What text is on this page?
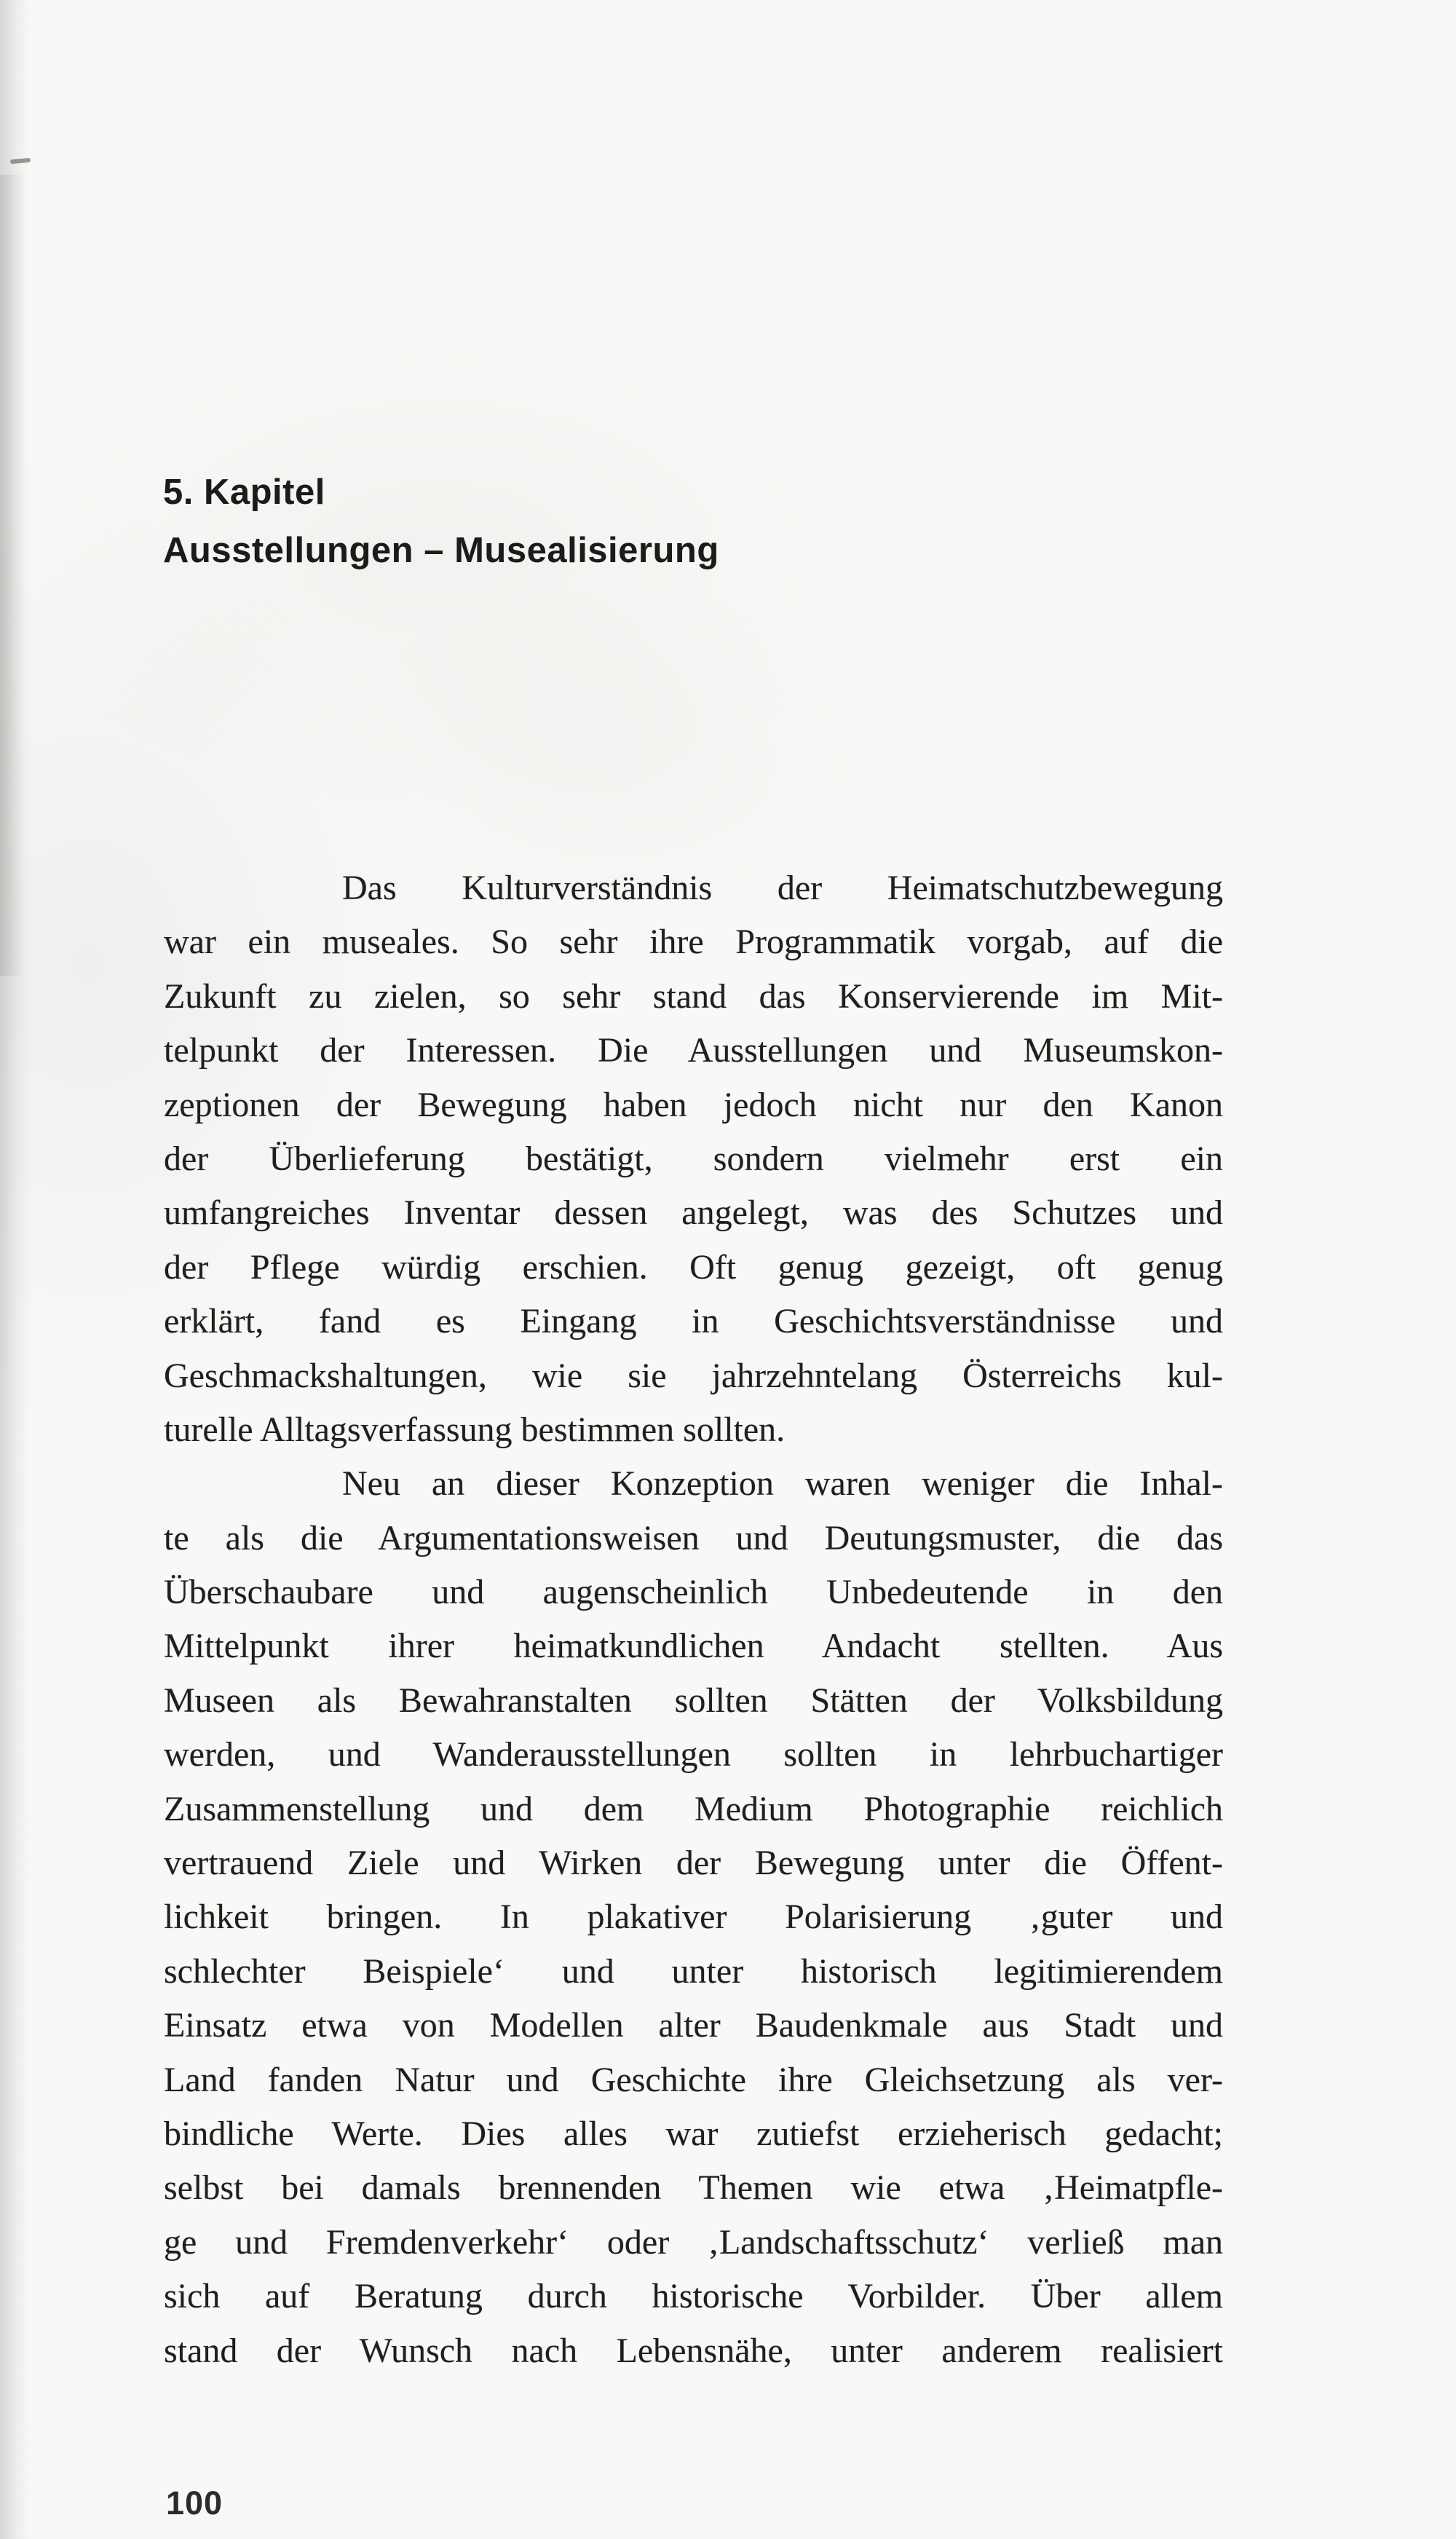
5. Kapitel
Ausstellungen – Musealisierung
Das Kulturverständnis der Heimatschutzbewegung
war ein museales. So sehr ihre Programmatik vorgab, auf die
Zukunft zu zielen, so sehr stand das Konservierende im Mit-
telpunkt der Interessen. Die Ausstellungen und Museumskon-
zeptionen der Bewegung haben jedoch nicht nur den Kanon
der Überlieferung bestätigt, sondern vielmehr erst ein
umfangreiches Inventar dessen angelegt, was des Schutzes und
der Pflege würdig erschien. Oft genug gezeigt, oft genug
erklärt, fand es Eingang in Geschichtsverständnisse und
Geschmackshaltungen, wie sie jahrzehntelang Österreichs kul-
turelle Alltagsverfassung bestimmen sollten.
Neu an dieser Konzeption waren weniger die Inhal-
te als die Argumentationsweisen und Deutungsmuster, die das
Überschaubare und augenscheinlich Unbedeutende in den
Mittelpunkt ihrer heimatkundlichen Andacht stellten. Aus
Museen als Bewahranstalten sollten Stätten der Volksbildung
werden, und Wanderausstellungen sollten in lehrbuchartiger
Zusammenstellung und dem Medium Photographie reichlich
vertrauend Ziele und Wirken der Bewegung unter die Öffent-
lichkeit bringen. In plakativer Polarisierung ‚guter und
schlechter Beispiele‘ und unter historisch legitimierendem
Einsatz etwa von Modellen alter Baudenkmale aus Stadt und
Land fanden Natur und Geschichte ihre Gleichsetzung als ver-
bindliche Werte. Dies alles war zutiefst erzieherisch gedacht;
selbst bei damals brennenden Themen wie etwa ‚Heimatpfle-
ge und Fremdenverkehr‘ oder ‚Landschaftsschutz‘ verließ man
sich auf Beratung durch historische Vorbilder. Über allem
stand der Wunsch nach Lebensnähe, unter anderem realisiert
100
